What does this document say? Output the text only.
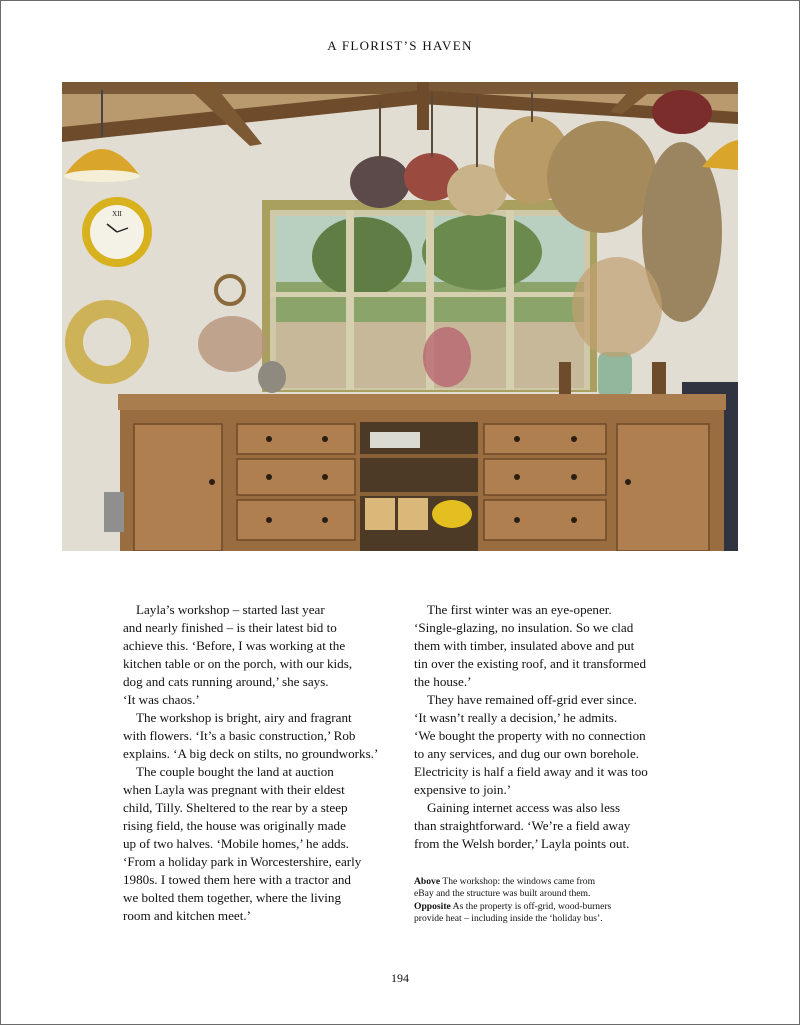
A FLORIST’S HAVEN
XII

Layla’s workshop – started last year
and nearly finished – is their latest bid to
achieve this. ‘Before, I was working at the
kitchen table or on the porch, with our kids,
dog and cats running around,’ she says.
‘It was chaos.’

The workshop is bright, airy and fragrant
with flowers. ‘It’s a basic construction,’ Rob
explains. ‘A big deck on stilts, no groundworks.’

The couple bought the land at auction
when Layla was pregnant with their eldest
child, Tilly. Sheltered to the rear by a steep
rising field, the house was originally made
up of two halves. ‘Mobile homes,’ he adds.
‘From a holiday park in Worcestershire, early
1980s. I towed them here with a tractor and
we bolted them together, where the living
room and kitchen meet.’

The first winter was an eye-opener.
‘Single-glazing, no insulation. So we clad
them with timber, insulated above and put
tin over the existing roof, and it transformed
the house.’

They have remained off-grid ever since.
‘It wasn’t really a decision,’ he admits.
‘We bought the property with no connection
to any services, and dug our own borehole.
Electricity is half a field away and it was too
expensive to join.’

Gaining internet access was also less
than straightforward. ‘We’re a field away
from the Welsh border,’ Layla points out.

Above The workshop: the windows came from
eBay and the structure was built around them.

Opposite As the property is off-grid, wood-burners
provide heat – including inside the ‘holiday bus’.

194
